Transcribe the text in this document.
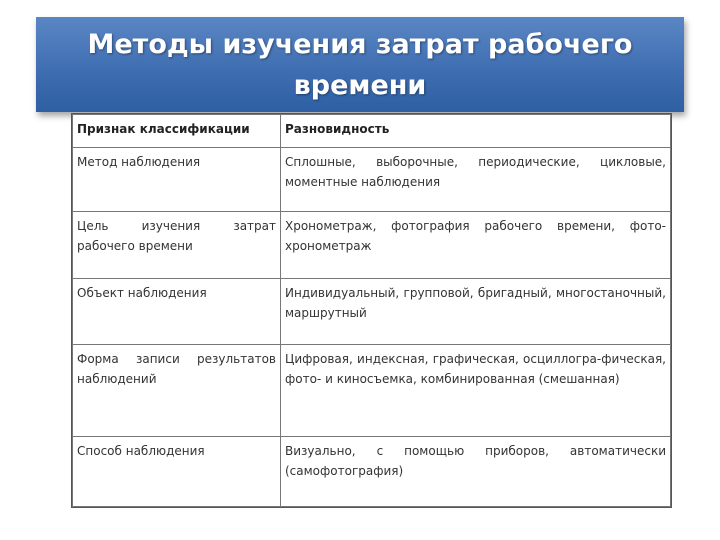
Методы изучения затрат рабочего времени
Признак классификации	Разновидность
Метод наблюдения	Сплошные, выборочные, периодические, цикловые, моментные наблюдения
Цель изучения затрат рабочего времени	Хронометраж, фотография рабочего времени, фото-хронометраж
Объект наблюдения	Индивидуальный, групповой, бригадный, многостаночный, маршрутный
Форма записи результатов наблюдений	Цифровая, индексная, графическая, осциллогра-фическая, фото- и киносъемка, комбинированная (смешанная)
Способ наблюдения	Визуально, с помощью приборов, автоматически (самофотография)
